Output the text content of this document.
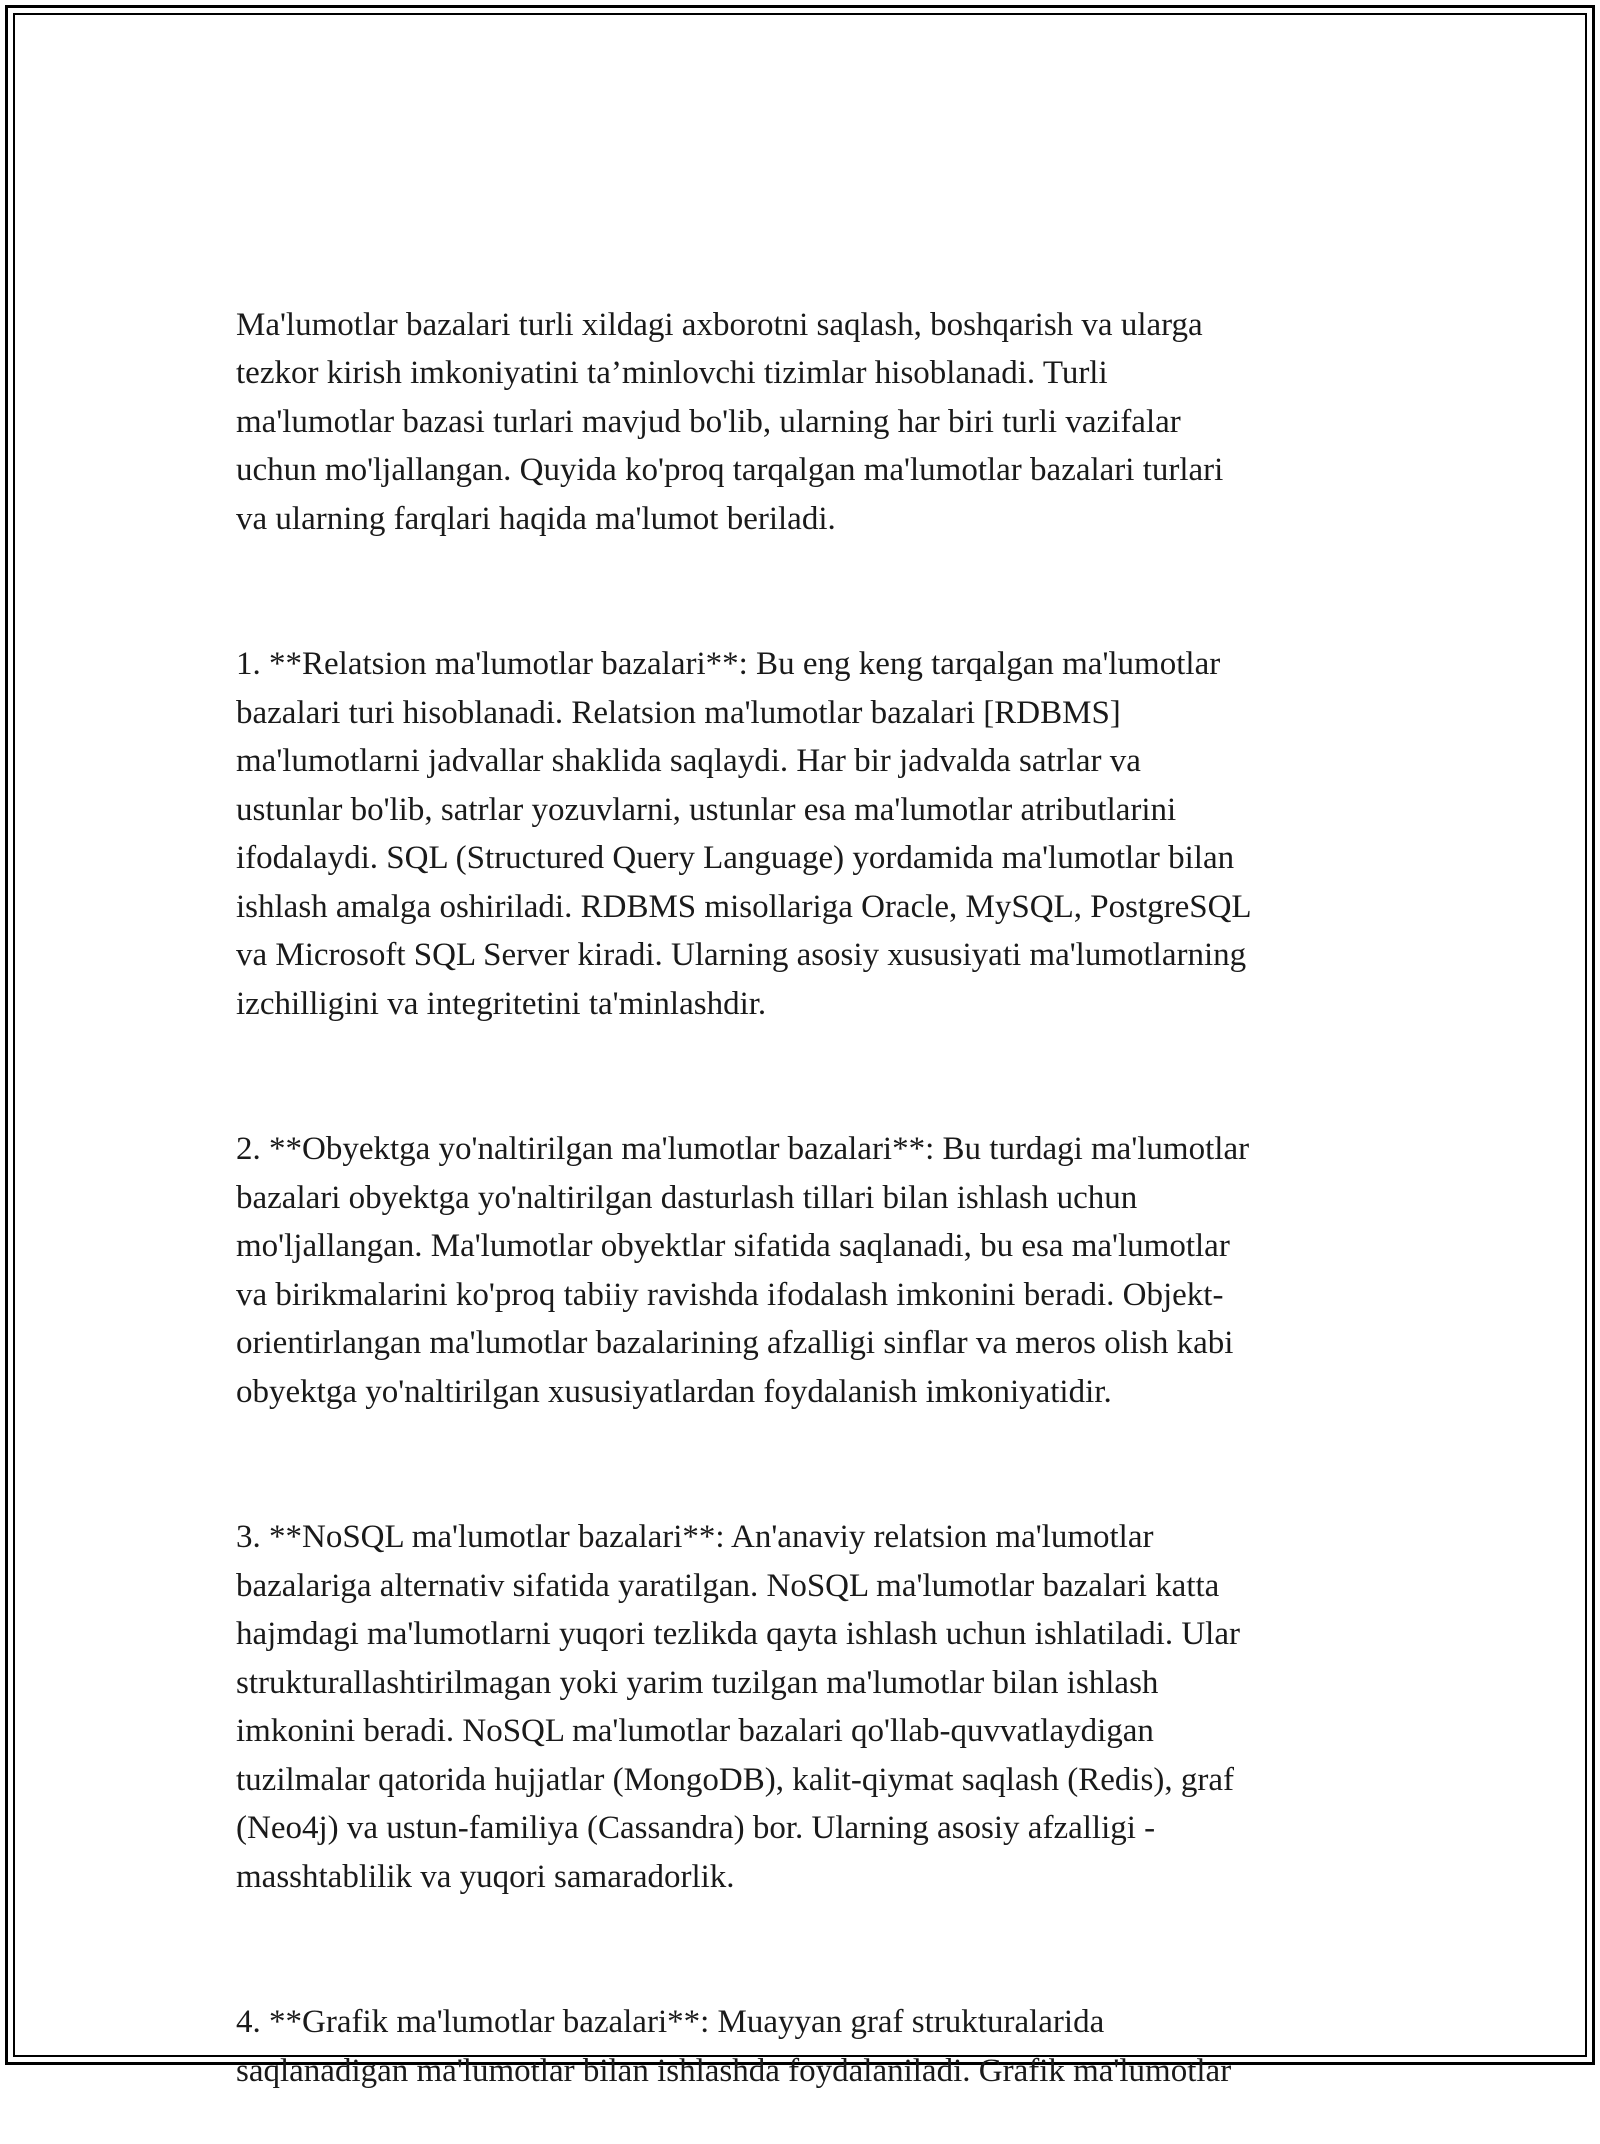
Ma'lumotlar bazalari turli xildagi axborotni saqlash, boshqarish va ularga
tezkor kirish imkoniyatini ta’minlovchi tizimlar hisoblanadi. Turli
ma'lumotlar bazasi turlari mavjud bo'lib, ularning har biri turli vazifalar
uchun mo'ljallangan. Quyida ko'proq tarqalgan ma'lumotlar bazalari turlari
va ularning farqlari haqida ma'lumot beriladi.

1. **Relatsion ma'lumotlar bazalari**: Bu eng keng tarqalgan ma'lumotlar
bazalari turi hisoblanadi. Relatsion ma'lumotlar bazalari [RDBMS]
ma'lumotlarni jadvallar shaklida saqlaydi. Har bir jadvalda satrlar va
ustunlar bo'lib, satrlar yozuvlarni, ustunlar esa ma'lumotlar atributlarini
ifodalaydi. SQL (Structured Query Language) yordamida ma'lumotlar bilan
ishlash amalga oshiriladi. RDBMS misollariga Oracle, MySQL, PostgreSQL
va Microsoft SQL Server kiradi. Ularning asosiy xususiyati ma'lumotlarning
izchilligini va integritetini ta'minlashdir.

2. **Obyektga yo'naltirilgan ma'lumotlar bazalari**: Bu turdagi ma'lumotlar
bazalari obyektga yo'naltirilgan dasturlash tillari bilan ishlash uchun
mo'ljallangan. Ma'lumotlar obyektlar sifatida saqlanadi, bu esa ma'lumotlar
va birikmalarini ko'proq tabiiy ravishda ifodalash imkonini beradi. Objekt-
orientirlangan ma'lumotlar bazalarining afzalligi sinflar va meros olish kabi
obyektga yo'naltirilgan xususiyatlardan foydalanish imkoniyatidir.

3. **NoSQL ma'lumotlar bazalari**: An'anaviy relatsion ma'lumotlar
bazalariga alternativ sifatida yaratilgan. NoSQL ma'lumotlar bazalari katta
hajmdagi ma'lumotlarni yuqori tezlikda qayta ishlash uchun ishlatiladi. Ular
strukturallashtirilmagan yoki yarim tuzilgan ma'lumotlar bilan ishlash
imkonini beradi. NoSQL ma'lumotlar bazalari qo'llab-quvvatlaydigan
tuzilmalar qatorida hujjatlar (MongoDB), kalit-qiymat saqlash (Redis), graf
(Neo4j) va ustun-familiya (Cassandra) bor. Ularning asosiy afzalligi -
masshtablilik va yuqori samaradorlik.

4. **Grafik ma'lumotlar bazalari**: Muayyan graf strukturalarida
saqlanadigan ma'lumotlar bilan ishlashda foydalaniladi. Grafik ma'lumotlar
